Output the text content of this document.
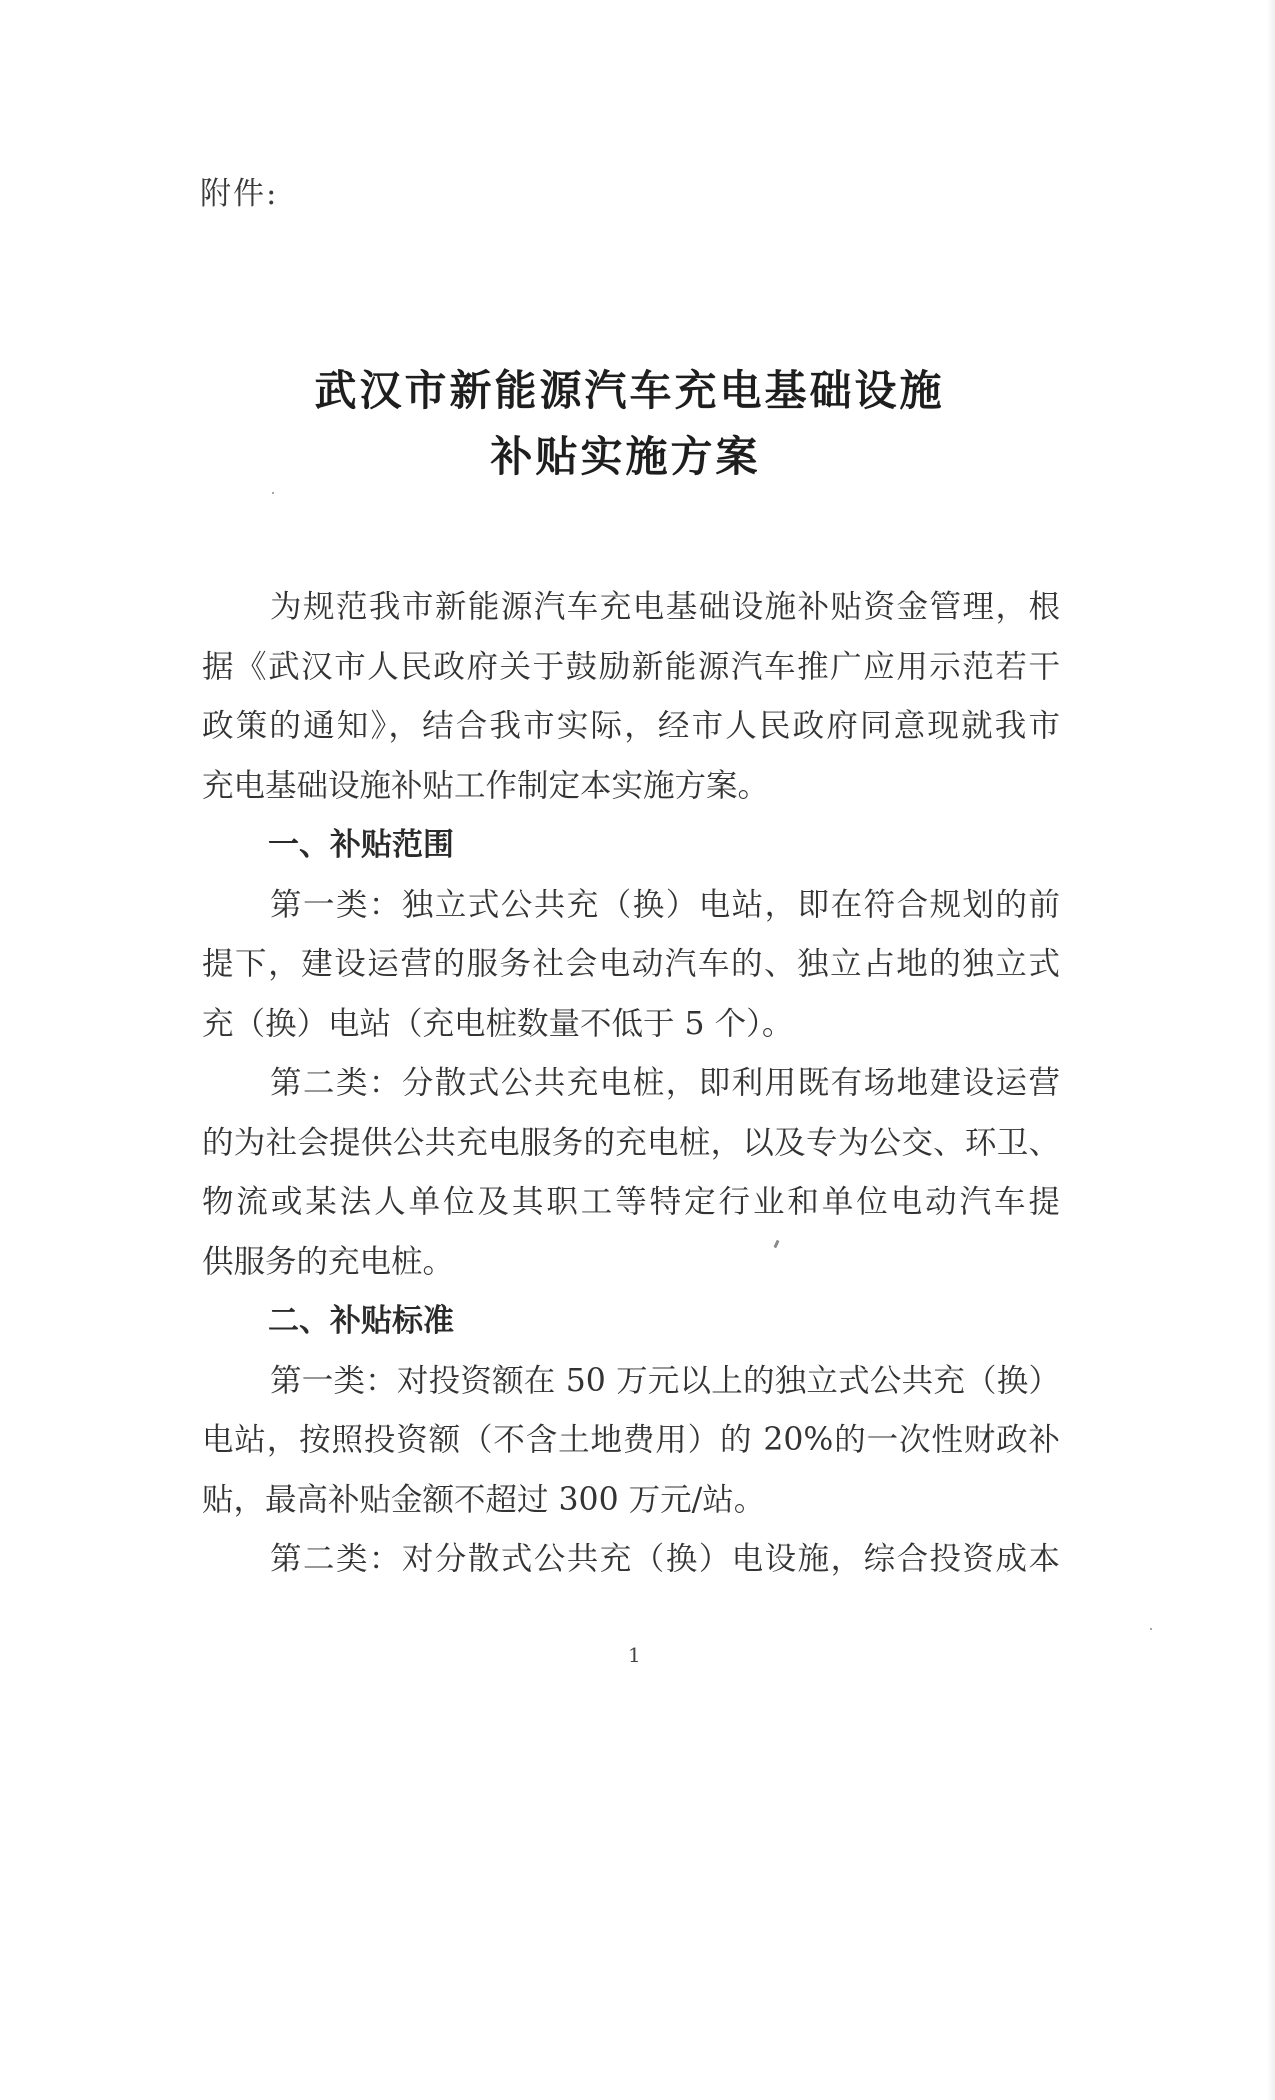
附件:
武汉市新能源汽车充电基础设施
补贴实施方案
为规范我市新能源汽车充电基础设施补贴资金管理，根
据《武汉市人民政府关于鼓励新能源汽车推广应用示范若干
政策的通知》，结合我市实际，经市人民政府同意现就我市
充电基础设施补贴工作制定本实施方案。
一、补贴范围
第一类：独立式公共充（换）电站，即在符合规划的前
提下，建设运营的服务社会电动汽车的、独立占地的独立式
充（换）电站（充电桩数量不低于 5 个）。
第二类：分散式公共充电桩，即利用既有场地建设运营
的为社会提供公共充电服务的充电桩，以及专为公交、环卫、
物流或某法人单位及其职工等特定行业和单位电动汽车提
供服务的充电桩。
二、补贴标准
第一类：对投资额在 50 万元以上的独立式公共充（换）
电站，按照投资额（不含土地费用）的 20%的一次性财政补
贴，最高补贴金额不超过 300 万元/站。
第二类：对分散式公共充（换）电设施，综合投资成本
1
